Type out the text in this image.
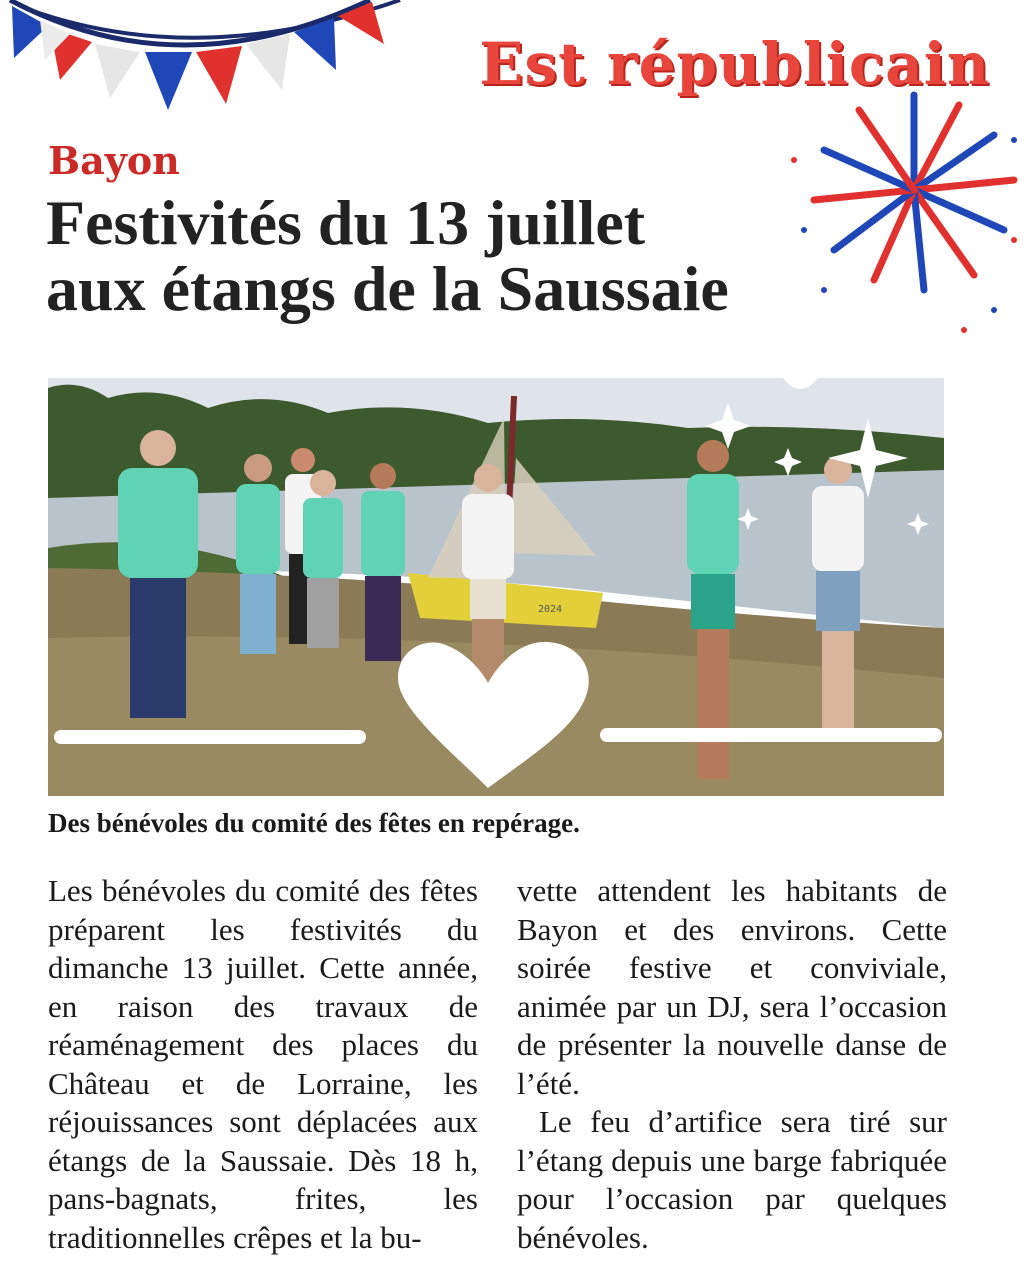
Est républicain
Bayon
Festivités du 13 juillet
aux étangs de la Saussaie
2024
Des bénévoles du comité des fêtes en repérage.

Les bénévoles du comité des fêtes préparent les festivités du dimanche 13 juillet. Cette année, en raison des travaux de réaménagement des places du Château et de Lorraine, les réjouissances sont déplacées aux étangs de la Saussaie. Dès 18 h, pans-bagnats, frites, les traditionnelles crêpes et la bu-

vette attendent les habitants de Bayon et des environs. Cette soirée festive et conviviale, animée par un DJ, sera l’occasion de présenter la nouvelle danse de l’été.

Le feu d’artifice sera tiré sur l’étang depuis une barge fabriquée pour l’occasion par quelques bénévoles.
